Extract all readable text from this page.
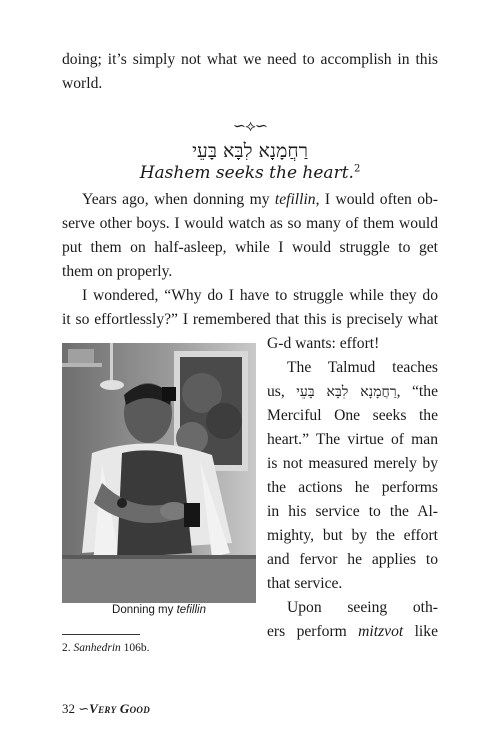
doing; it’s simply not what we need to accomplish in this
world.

∽⟡∽
רַחֲמָנָא לִבָּא בָּעֵי
Hashem seeks the heart.$^2$

Years ago, when donning my tefillin, I would often ob-
serve other boys. I would watch as so many of them would
put them on half-asleep, while I would struggle to get
them on properly.

I wondered, “Why do I have to struggle while they do
it so effortlessly?” I remembered that this is precisely what

G-d wants: effort!

The Talmud teaches
us, רַחֲמָנָא לִבָּא בָּעֵי, “the
Merciful One seeks the
heart.” The virtue of man
is not measured merely by
the actions he performs
in his service to the Al-
mighty, but by the effort
and fervor he applies to
that service.

Upon seeing oth-
ers perform mitzvot like

Donning my tefillin
2. Sanhedrin 106b.
32 ∽Very Good
